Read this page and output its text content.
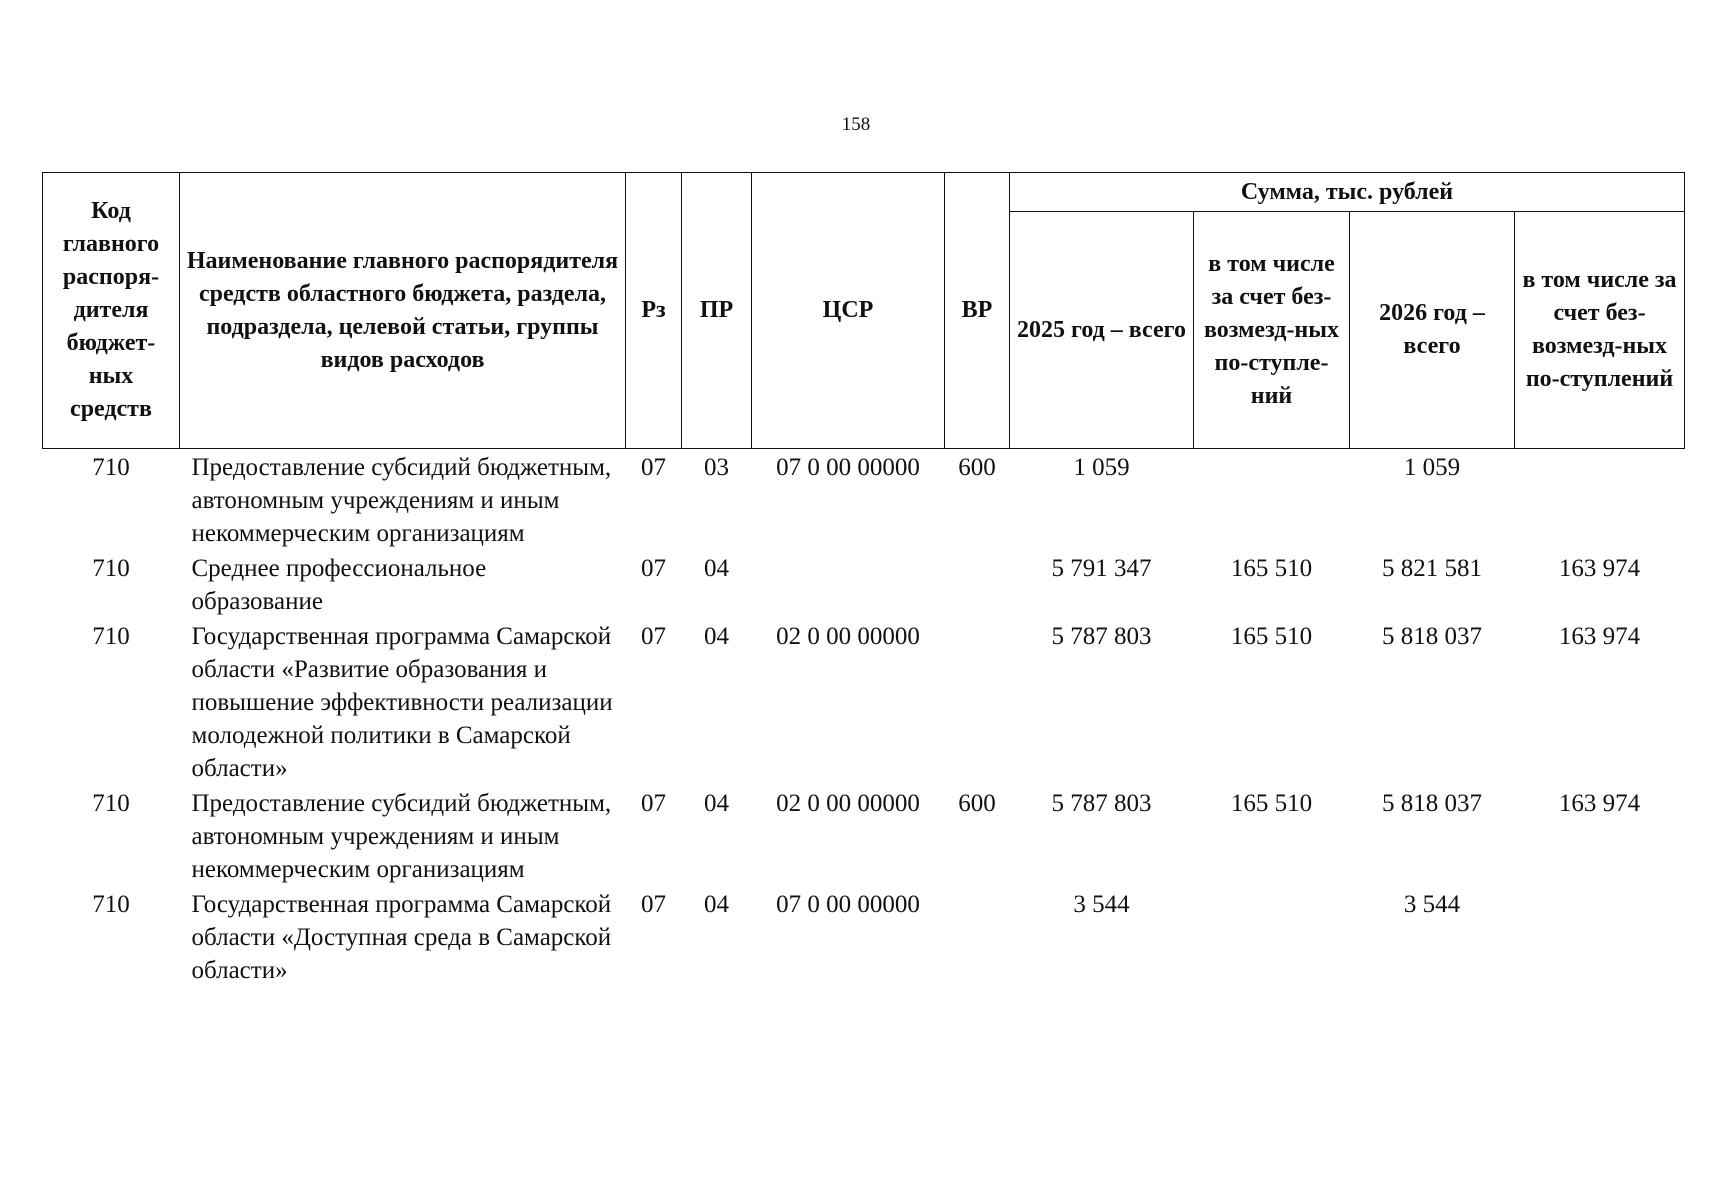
158
Код главного распоря-дителя бюджет-ных средств	Наименование главного распорядителя средств областного бюджета, раздела, подраздела, целевой статьи, группы видов расходов	Рз	ПР	ЦСР	ВР	Сумма, тыс. рублей			
						2025 год – всего	в том числе за счет без-возмезд-ных по-ступле-ний	2026 год – всего	в том числе за счет без-возмезд-ных по-ступлений
710	Предоставление субсидий бюджетным, автономным учреждениям и иным некоммерческим организациям	07	03	07 0 00 00000	600	1 059		1 059	
710	Среднее профессиональное образование	07	04			5 791 347	165 510	5 821 581	163 974
710	Государственная программа Самарской области «Развитие образования и повышение эффективности реализации молодежной политики в Самарской области»	07	04	02 0 00 00000		5 787 803	165 510	5 818 037	163 974
710	Предоставление субсидий бюджетным, автономным учреждениям и иным некоммерческим организациям	07	04	02 0 00 00000	600	5 787 803	165 510	5 818 037	163 974
710	Государственная программа Самарской области «Доступная среда в Самарской области»	07	04	07 0 00 00000		3 544		3 544	
